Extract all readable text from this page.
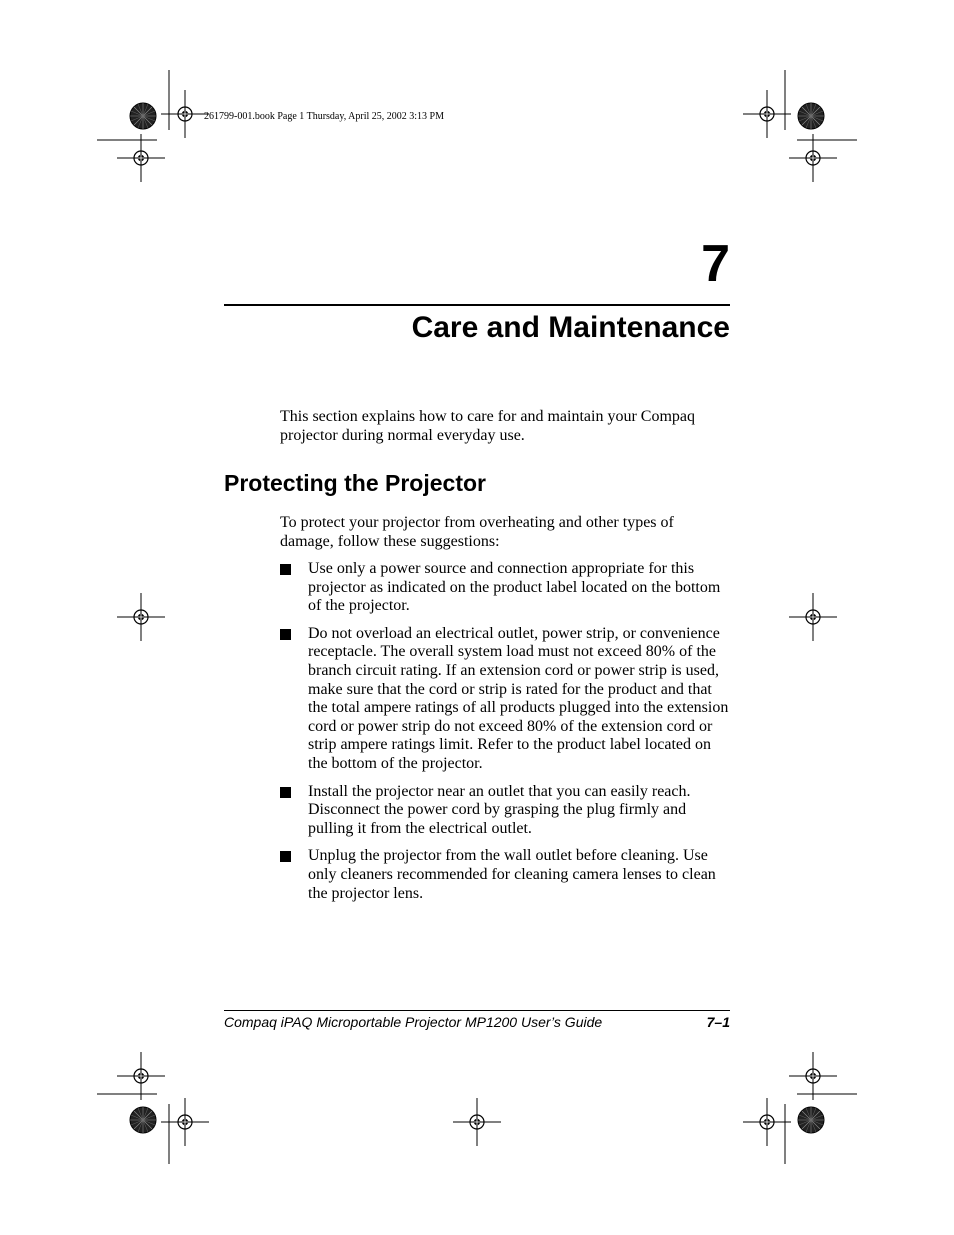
261799-001.book Page 1 Thursday, April 25, 2002 3:13 PM
7
Care and Maintenance

This section explains how to care for and maintain your Compaq projector during normal everyday use.

Protecting the Projector

To protect your projector from overheating and other types of damage, follow these suggestions:

Use only a power source and connection appropriate for this projector as indicated on the product label located on the bottom of the projector.
Do not overload an electrical outlet, power strip, or convenience receptacle. The overall system load must not exceed 80% of the branch circuit rating. If an extension cord or power strip is used, make sure that the cord or strip is rated for the product and that the total ampere ratings of all products plugged into the extension cord or power strip do not exceed 80% of the extension cord or strip ampere ratings limit. Refer to the product label located on the bottom of the projector.
Install the projector near an outlet that you can easily reach. Disconnect the power cord by grasping the plug firmly and pulling it from the electrical outlet.
Unplug the projector from the wall outlet before cleaning. Use only cleaners recommended for cleaning camera lenses to clean the projector lens.
Compaq iPAQ Microportable Projector MP1200 User’s Guide	7–1
